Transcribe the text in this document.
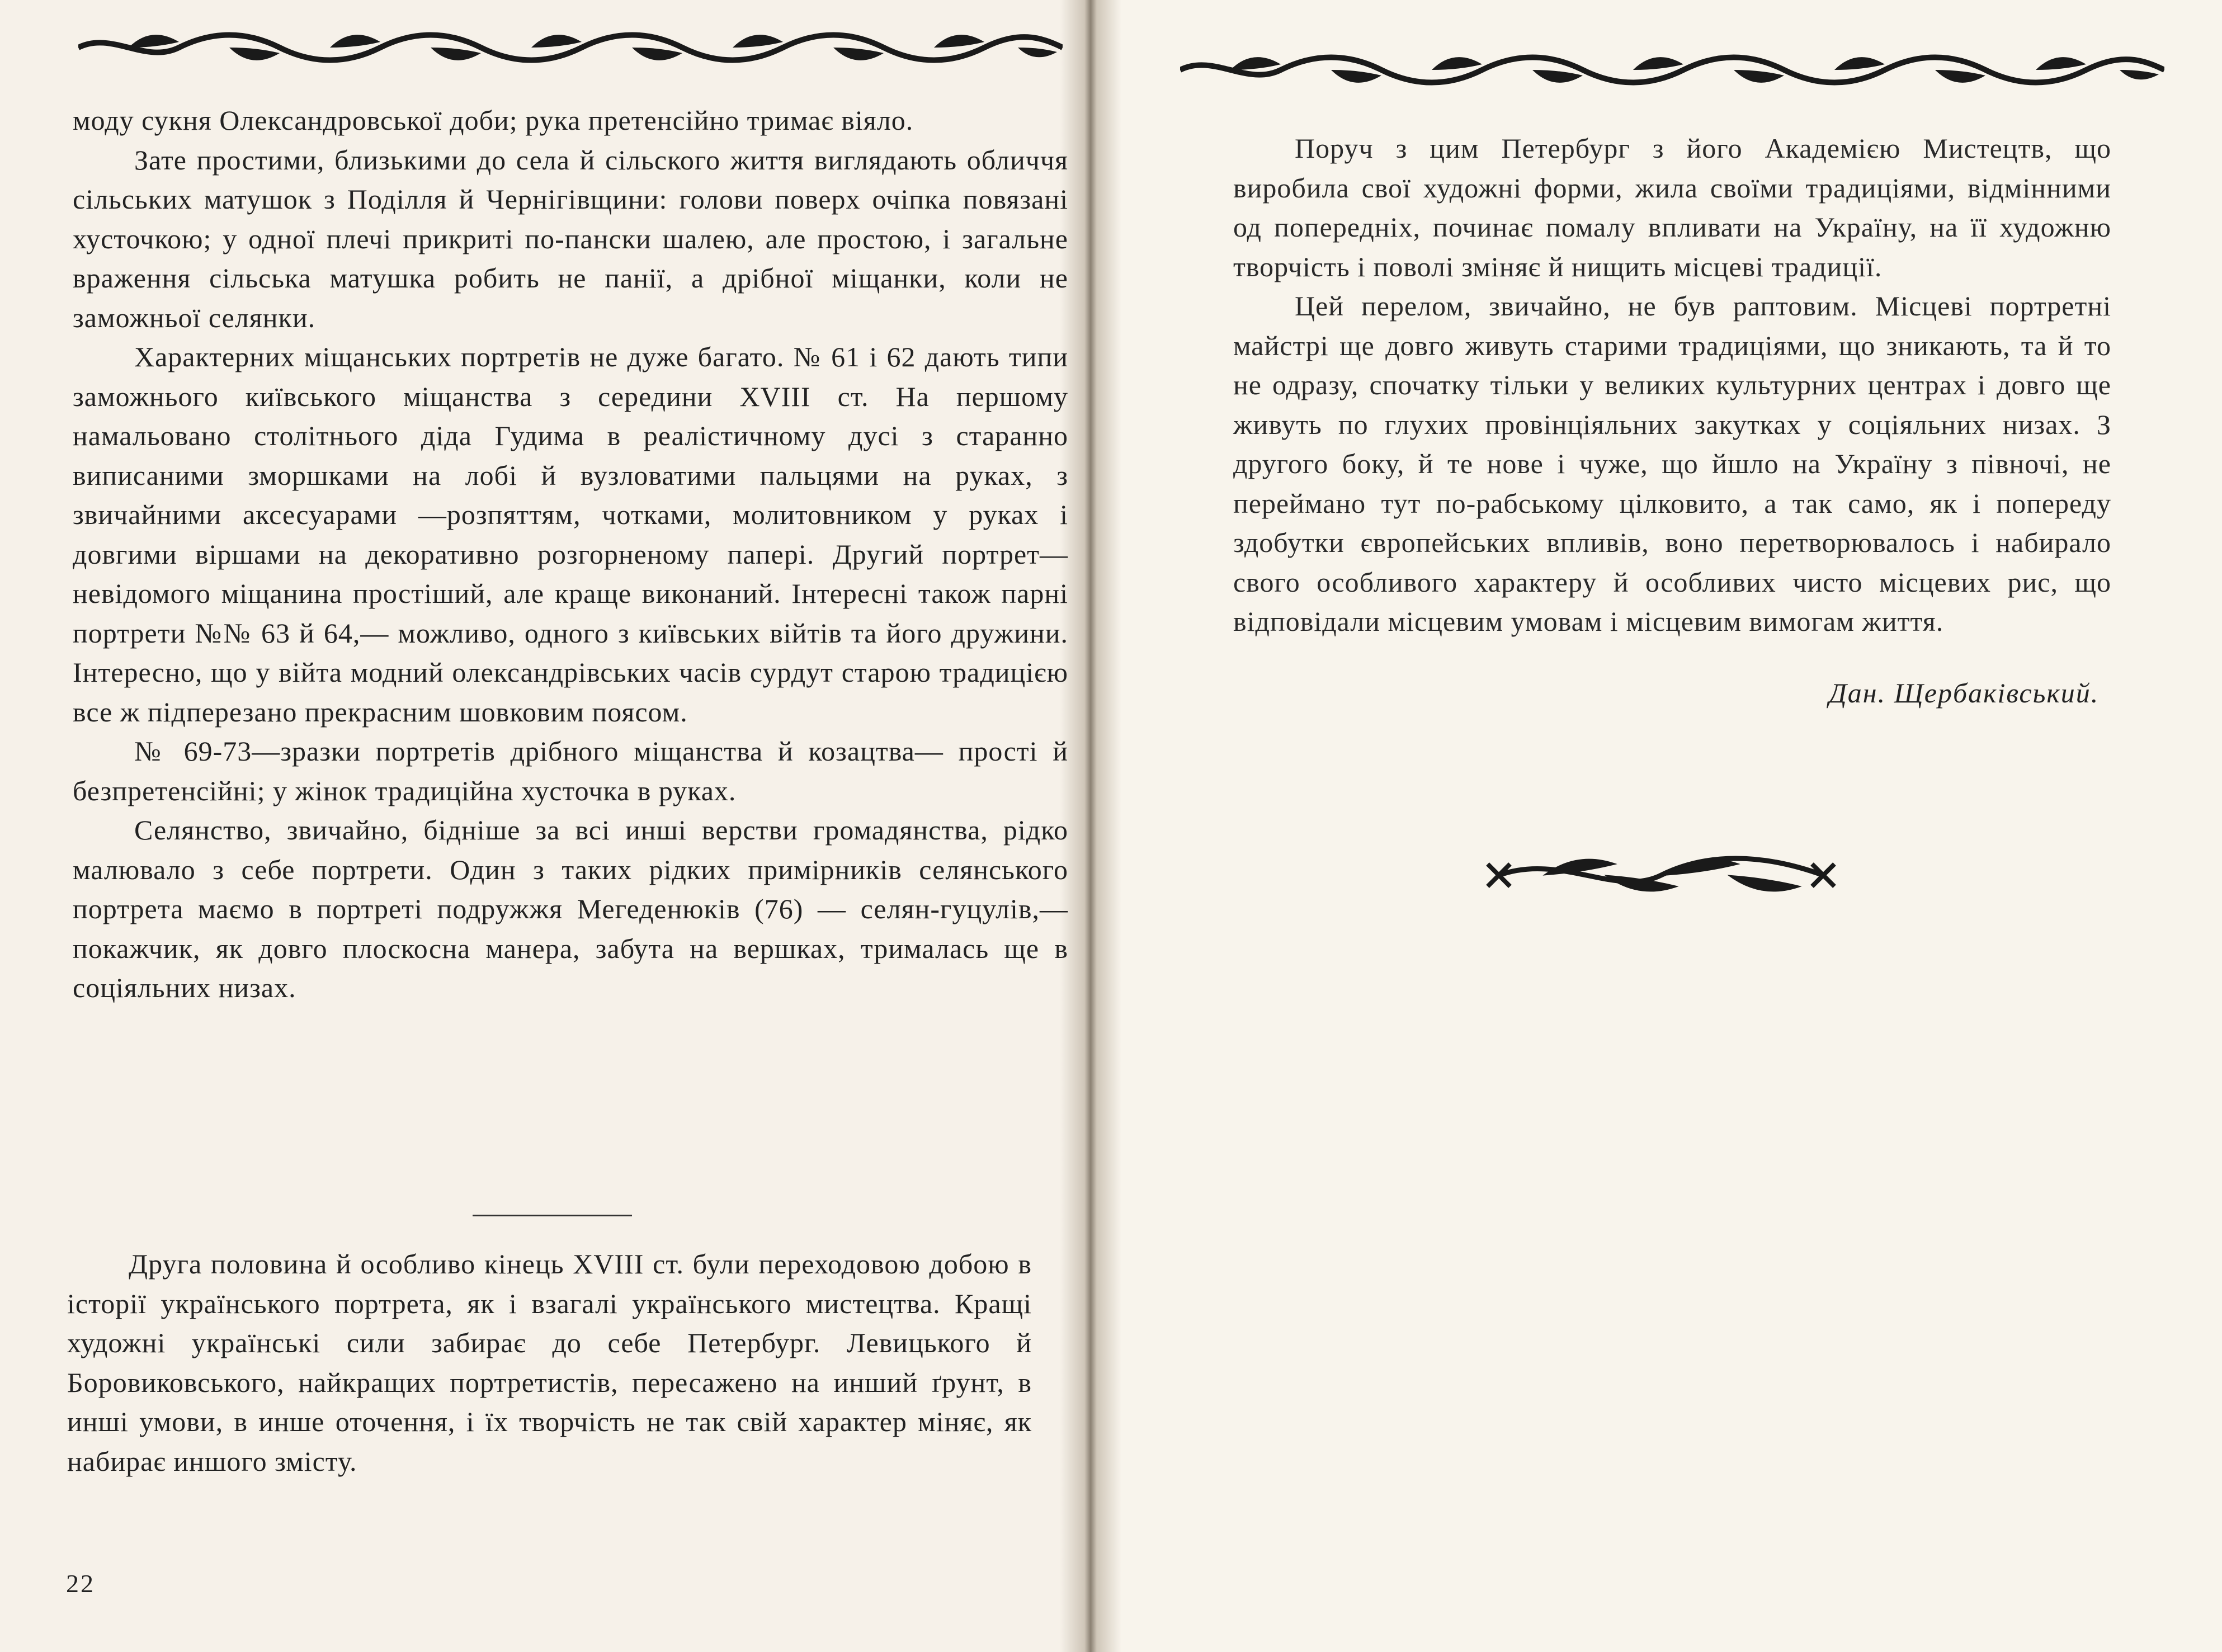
моду сукня Олександровської доби; рука претенсійно тримає віяло.

Зате простими, близькими до села й сільского життя виглядають обличчя сільських матушок з Поділля й Чернігівщини: голови поверх очіпка повязані хусточкою; у одної плечі прикриті по-пански шалею, але простою, і загальне враження сільська матушка робить не панії, а дрібної міщанки, коли не заможньої селянки.

Характерних міщанських портретів не дуже багато. № 61 і 62 дають типи заможнього київського міщанства з середини XVIII ст. На першому намальовано столітнього діда Гудима в реалістичному дусі з старанно виписаними зморшками на лобі й вузловатими пальцями на руках, з звичайними аксесуарами —розпяттям, чотками, молитовником у руках і довгими віршами на декоративно розгорненому папері. Другий портрет—невідомого міщанина простіший, але краще виконаний. Інтересні також парні портрети №№ 63 й 64,— можливо, одного з київських війтів та його дружини. Інтересно, що у війта модний олександрівських часів сурдут старою традицією все ж підперезано прекрасним шовковим поясом.

№ 69-73—зразки портретів дрібного міщанства й козацтва— прості й безпретенсійні; у жінок традиційна хусточка в руках.

Селянство, звичайно, бідніше за всі инші верстви громадянства, рідко малювало з себе портрети. Один з таких рідких примірників селянського портрета маємо в портреті подружжя Мегеденюків (76) — селян-гуцулів,— покажчик, як довго плоскосна манера, забута на вершках, трималась ще в соціяльних низах.

Друга половина й особливо кінець XVIII ст. були переходовою добою в історії українського портрета, як і взагалі українського мистецтва. Кращі художні українські сили забирає до себе Петербург. Левицького й Боровиковського, найкращих портретистів, пересажено на инший ґрунт, в инші умови, в инше оточення, і їх творчість не так свій характер міняє, як набирає иншого змісту.

22

Поруч з цим Петербург з його Академією Мистецтв, що виробила свої художні форми, жила своїми традиціями, відмінними од попередніх, починає помалу впливати на Україну, на її художню творчість і поволі зміняє й нищить місцеві традиції.

Цей перелом, звичайно, не був раптовим. Місцеві портретні майстрі ще довго живуть старими традиціями, що зникають, та й то не одразу, спочатку тільки у великих культурних центрах і довго ще живуть по глухих провінціяльних закутках у соціяльних низах. З другого боку, й те нове і чуже, що йшло на Україну з півночі, не перейманo тут по-рабському цілковито, а так само, як і попереду здобутки європейських впливів, воно перетворювалось і набирало свого особливого характеру й особливих чисто місцевих рис, що відповідали місцевим умовам і місцевим вимогам життя.

Дан. Щербаківський.
